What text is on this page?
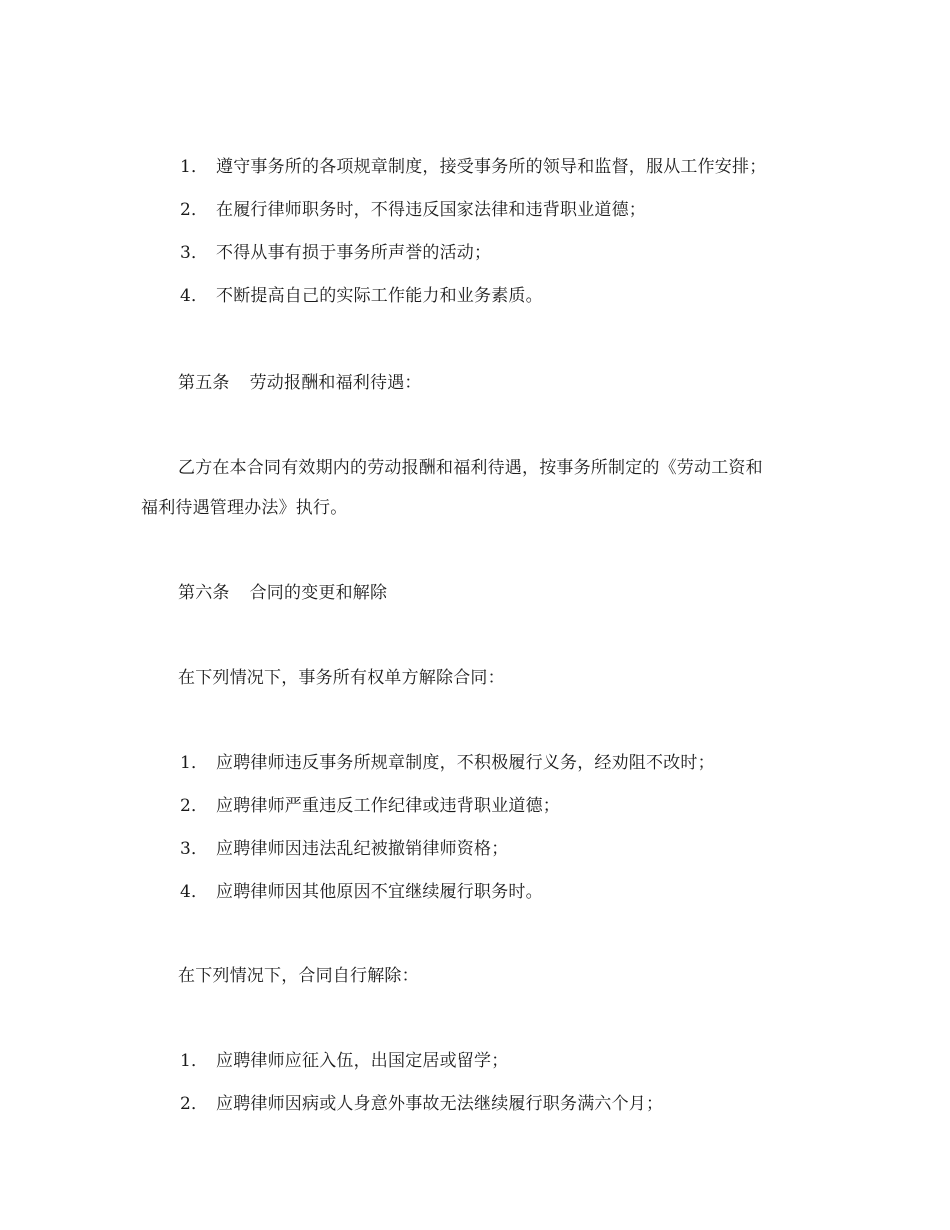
1． 遵守事务所的各项规章制度，接受事务所的领导和监督，服从工作安排；
2． 在履行律师职务时，不得违反国家法律和违背职业道德；
3． 不得从事有损于事务所声誉的活动；
4． 不断提高自己的实际工作能力和业务素质。
第五条 劳动报酬和福利待遇：
乙方在本合同有效期内的劳动报酬和福利待遇，按事务所制定的《劳动工资和
福利待遇管理办法》执行。
第六条 合同的变更和解除
在下列情况下，事务所有权单方解除合同：
1． 应聘律师违反事务所规章制度，不积极履行义务，经劝阻不改时；
2． 应聘律师严重违反工作纪律或违背职业道德；
3． 应聘律师因违法乱纪被撤销律师资格；
4． 应聘律师因其他原因不宜继续履行职务时。
在下列情况下，合同自行解除：
1． 应聘律师应征入伍，出国定居或留学；
2． 应聘律师因病或人身意外事故无法继续履行职务满六个月；
